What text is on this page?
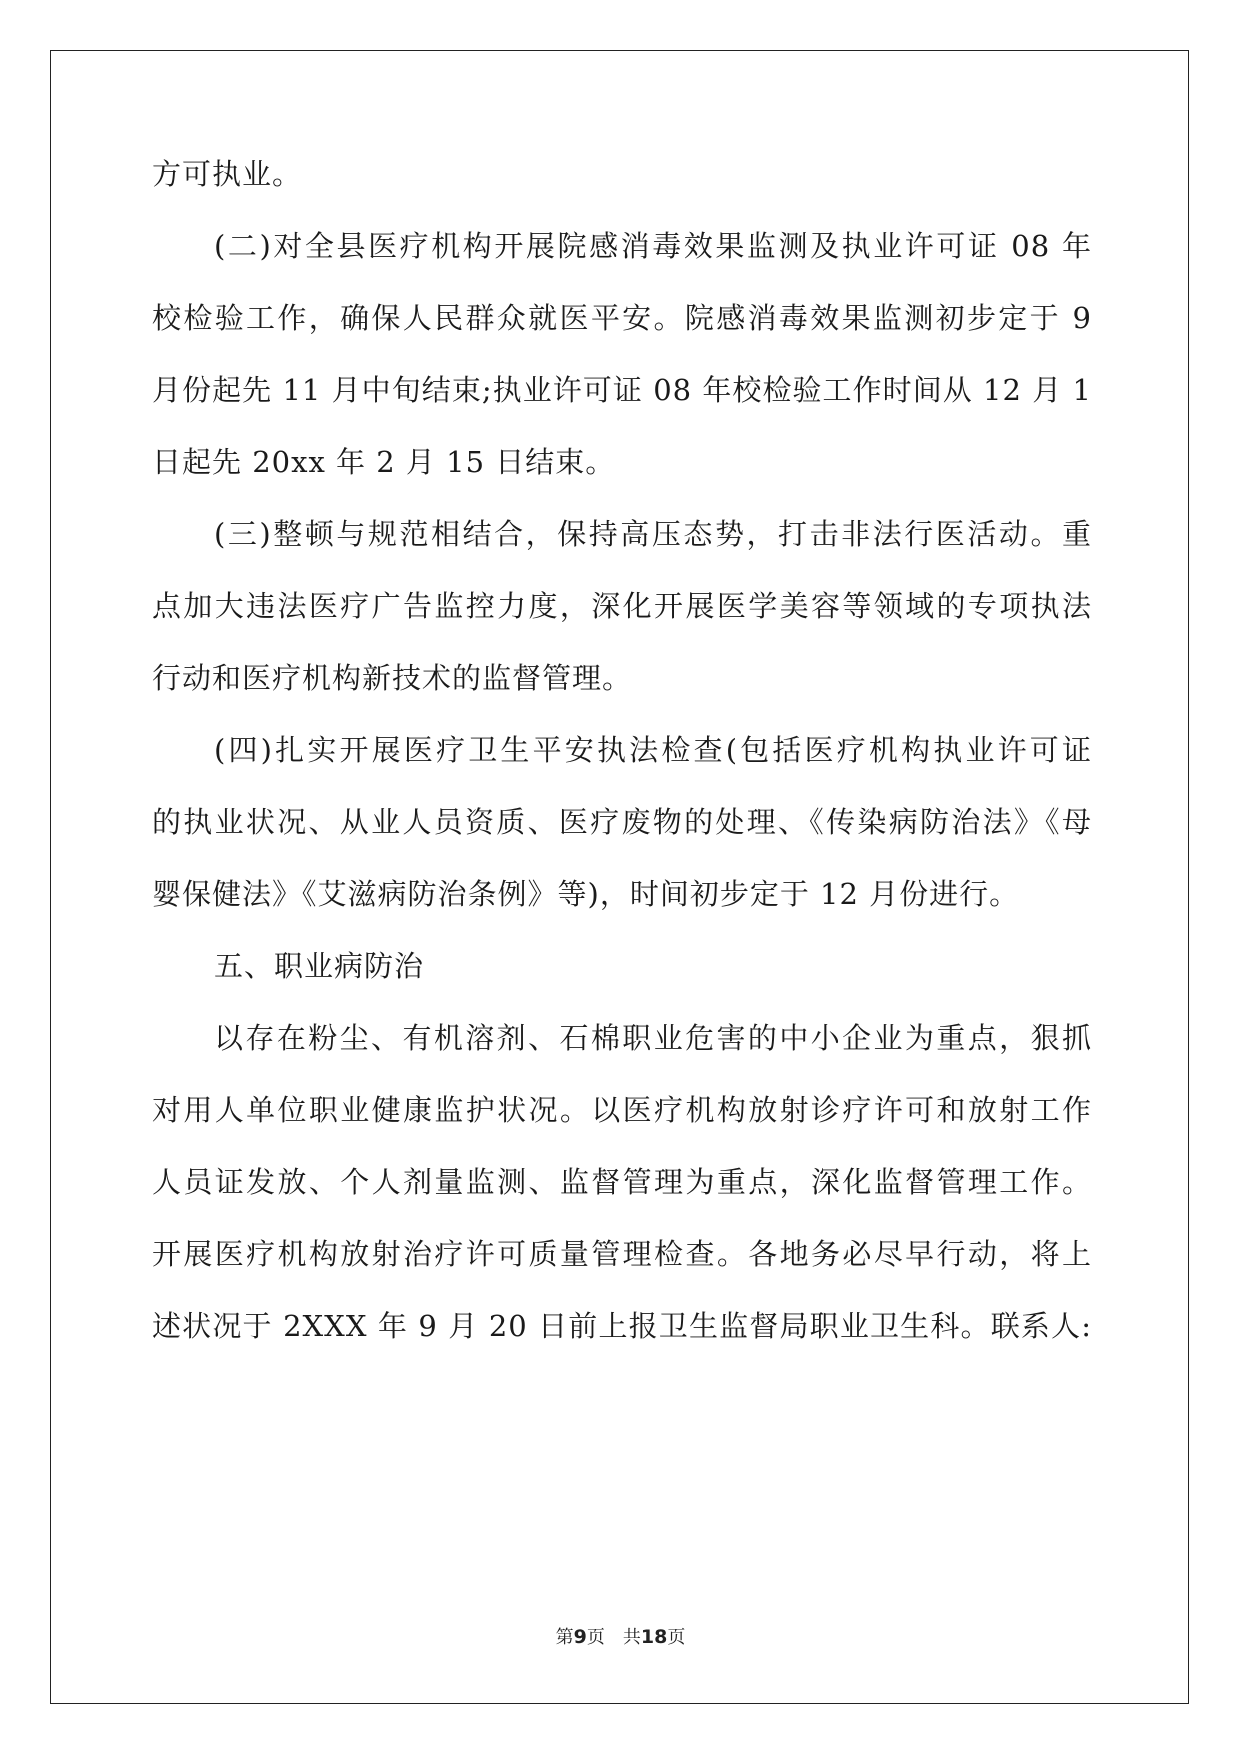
方可执业。
(二)对全县医疗机构开展院感消毒效果监测及执业许可证 08 年
校检验工作，确保人民群众就医平安。院感消毒效果监测初步定于 9
月份起先 11 月中旬结束;执业许可证 08 年校检验工作时间从 12 月 1
日起先 20xx 年 2 月 15 日结束。
(三)整顿与规范相结合，保持高压态势，打击非法行医活动。重
点加大违法医疗广告监控力度，深化开展医学美容等领域的专项执法
行动和医疗机构新技术的监督管理。
(四)扎实开展医疗卫生平安执法检查(包括医疗机构执业许可证
的执业状况、从业人员资质、医疗废物的处理、《传染病防治法》《母
婴保健法》《艾滋病防治条例》等)，时间初步定于 12 月份进行。
五、职业病防治
以存在粉尘、有机溶剂、石棉职业危害的中小企业为重点，狠抓
对用人单位职业健康监护状况。以医疗机构放射诊疗许可和放射工作
人员证发放、个人剂量监测、监督管理为重点，深化监督管理工作。
开展医疗机构放射治疗许可质量管理检查。各地务必尽早行动，将上
述状况于 2XXX 年 9 月 20 日前上报卫生监督局职业卫生科。联系人:
第9页　共18页
